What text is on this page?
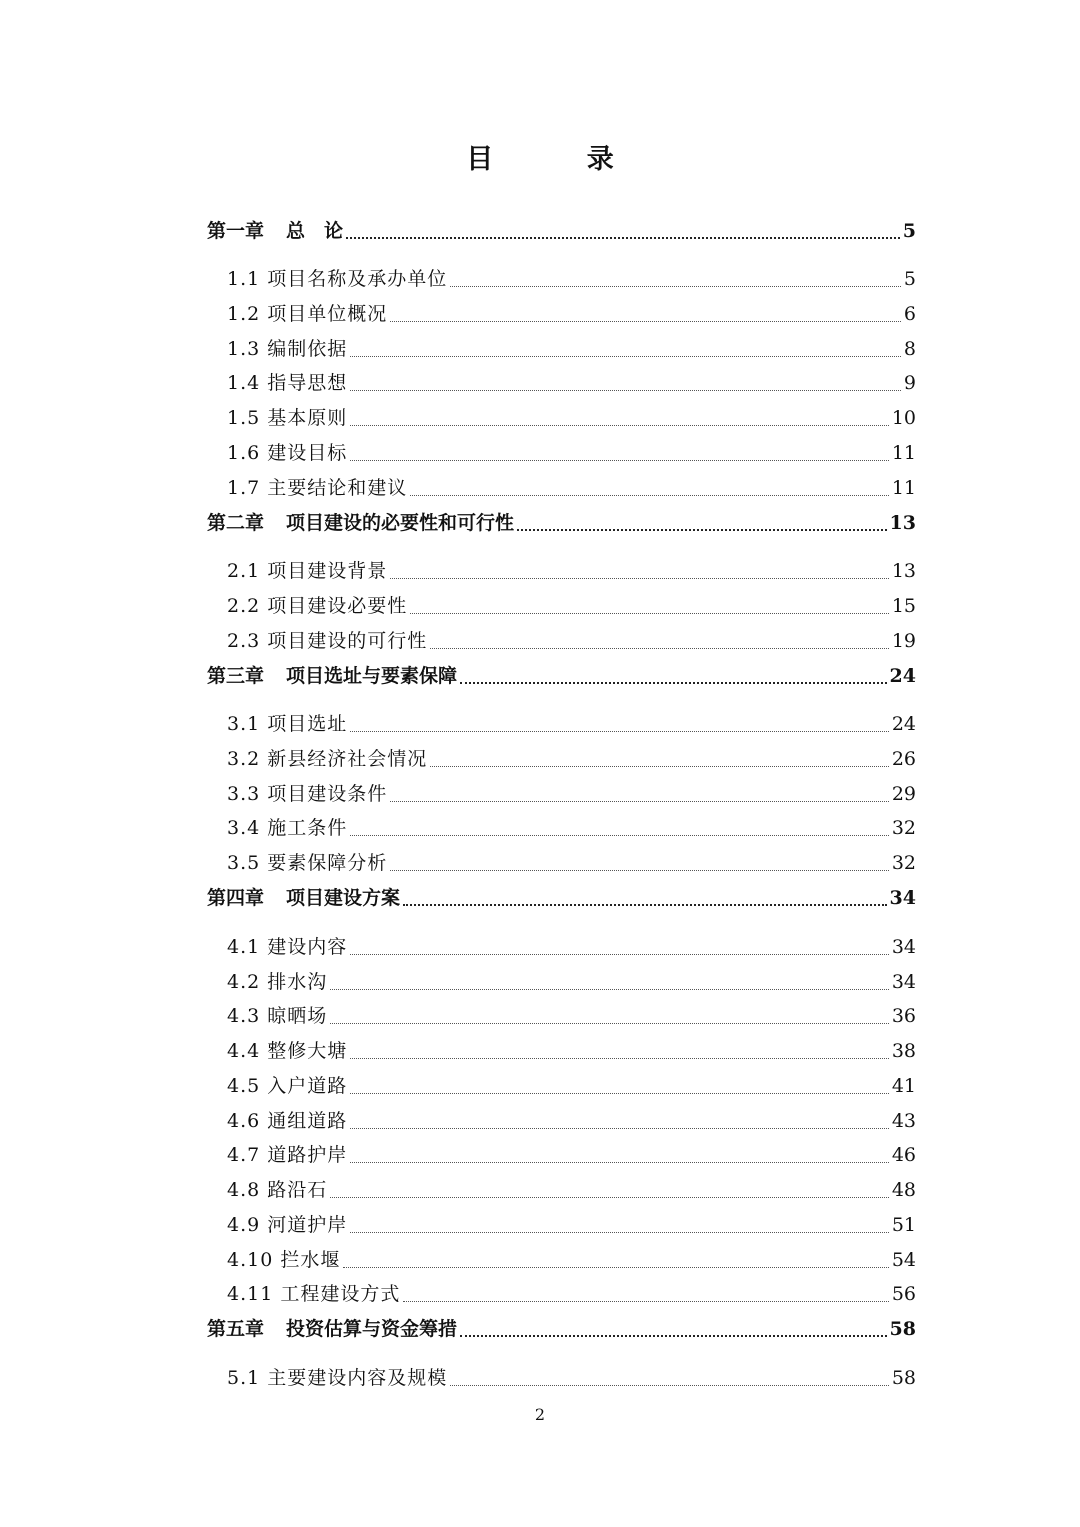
目 录
第一章 总　论	5
1.1 项目名称及承办单位	5
1.2 项目单位概况	6
1.3 编制依据	8
1.4 指导思想	9
1.5 基本原则	10
1.6 建设目标	11
1.7 主要结论和建议	11
第二章 项目建设的必要性和可行性	13
2.1 项目建设背景	13
2.2 项目建设必要性	15
2.3 项目建设的可行性	19
第三章 项目选址与要素保障	24
3.1 项目选址	24
3.2 新县经济社会情况	26
3.3 项目建设条件	29
3.4 施工条件	32
3.5 要素保障分析	32
第四章 项目建设方案	34
4.1 建设内容	34
4.2 排水沟	34
4.3 晾晒场	36
4.4 整修大塘	38
4.5 入户道路	41
4.6 通组道路	43
4.7 道路护岸	46
4.8 路沿石	48
4.9 河道护岸	51
4.10 拦水堰	54
4.11 工程建设方式	56
第五章 投资估算与资金筹措	58
5.1 主要建设内容及规模	58
2
